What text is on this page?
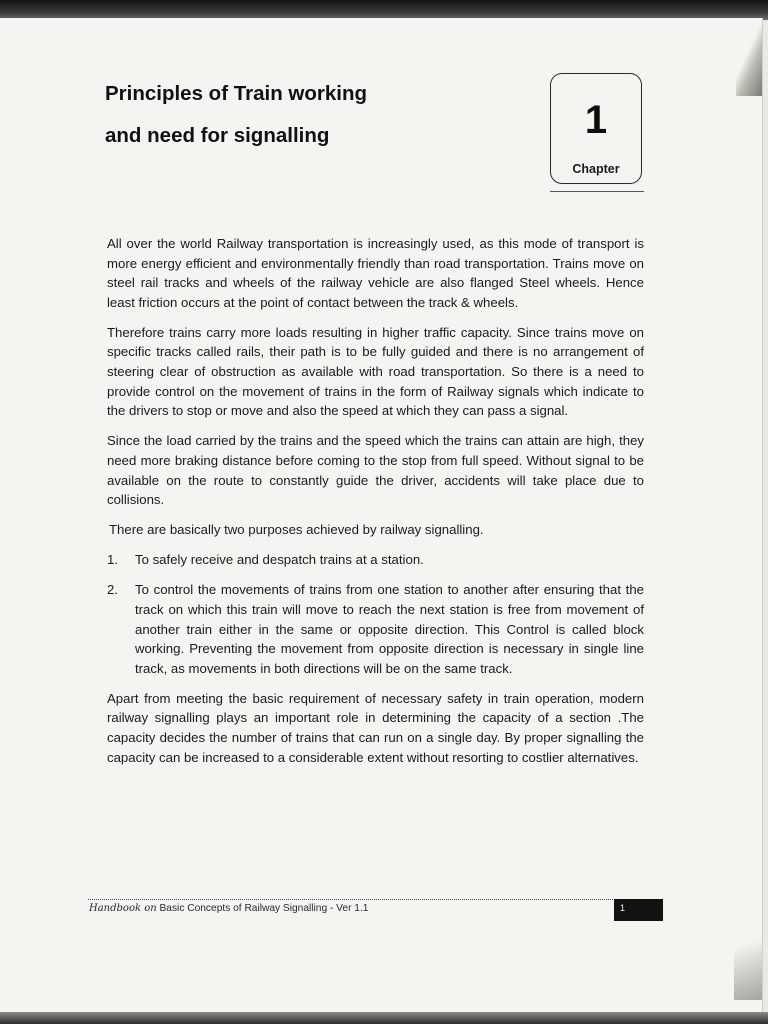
Principles of Train working
and need for signalling	1
Chapter

All over the world Railway transportation is increasingly used, as this mode of transport is more energy efficient and environmentally friendly than road transportation. Trains move on steel rail tracks and wheels of the railway vehicle are also flanged Steel wheels. Hence least friction occurs at the point of contact between the track & wheels.

Therefore trains carry more loads resulting in higher traffic capacity. Since trains move on specific tracks called rails, their path is to be fully guided and there is no arrangement of steering clear of obstruction as available with road transportation. So there is a need to provide control on the movement of trains in the form of Railway signals which indicate to the drivers to stop or move and also the speed at which they can pass a signal.

Since the load carried by the trains and the speed which the trains can attain are high, they need more braking distance before coming to the stop from full speed. Without signal to be available on the route to constantly guide the driver, accidents will take place due to collisions.

There are basically two purposes achieved by railway signalling.

1. To safely receive and despatch trains at a station.
2. To control the movements of trains from one station to another after ensuring that the track on which this train will move to reach the next station is free from movement of another train either in the same or opposite direction. This Control is called block working. Preventing the movement from opposite direction is necessary in single line track, as movements in both directions will be on the same track.

Apart from meeting the basic requirement of necessary safety in train operation, modern railway signalling plays an important role in determining the capacity of a section .The capacity decides the number of trains that can run on a single day. By proper signalling the capacity can be increased to a considerable extent without resorting to costlier alternatives.

Handbook on Basic Concepts of Railway Signalling - Ver 1.1	1
